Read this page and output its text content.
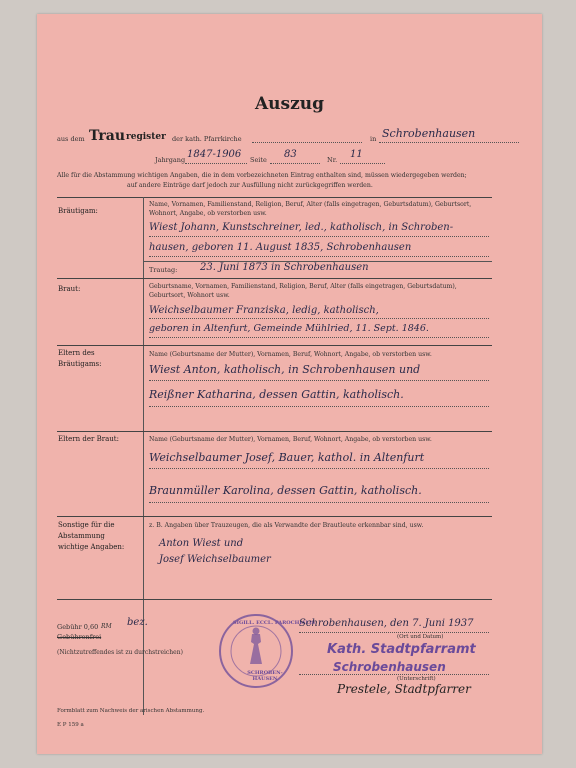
Auszug
aus dem Trau register der kath. Pfarrkirche	in Schrobenhausen
Jahrgang 1847-1906 Seite 83	Nr. 11
Alle für die Abstammung wichtigen Angaben, die in dem vorbezeichneten Eintrag enthalten sind, müssen wiedergegeben werden;
auf andere Einträge darf jedoch zur Ausfüllung nicht zurückgegriffen werden.
Bräutigam:
Name, Vornamen, Familienstand, Religion, Beruf, Alter (falls eingetragen, Geburtsdatum), Geburtsort, Wohnort, Angabe, ob verstorben usw.
Wiest Johann, Kunstschreiner, led., katholisch, in Schroben-
hausen, geboren 11. August 1835, Schrobenhausen
Trautag: 23. Juni 1873 in Schrobenhausen
Braut:	Geburtsname, Vornamen, Familienstand, Religion, Beruf, Alter (falls eingetragen, Geburtsdatum), Geburtsort, Wohnort usw.
Weichselbaumer Franziska, ledig, katholisch,
geboren in Altenfurt, Gemeinde Mühlried, 11. Sept. 1846.
Eltern des
Bräutigams:
Name (Geburtsname der Mutter), Vornamen, Beruf, Wohnort, Angabe, ob verstorben usw.
Wiest Anton, katholisch, in Schrobenhausen und
Reißner Katharina, dessen Gattin, katholisch.
Eltern der Braut:	Name (Geburtsname der Mutter), Vornamen, Beruf, Wohnort, Angabe, ob verstorben usw.
Weichselbaumer Josef, Bauer, kathol. in Altenfurt
Braunmüller Karolina, dessen Gattin, katholisch.
Sonstige für die
Abstammung
wichtige Angaben:
z. B. Angaben über Trauzeugen, die als Verwandte der Brautleute erkennbar sind, usw.
Anton Wiest und
Josef Weichselbaumer
Gebühr 0,60 RM bez.
Gebührenfrei
(Nichtzutreffendes ist zu durchstreichen)
SIGILL. ECCL. PAROCHIALIS
SCHROBEN-HAUSEN
Schrobenhausen, den 7. Juni 1937
(Ort und Datum)
Kath. Stadtpfarramt
Schrobenhausen
(Unterschrift)
Prestele, Stadtpfarrer
Formblatt zum Nachweis der arischen Abstammung.
E P 159 a
